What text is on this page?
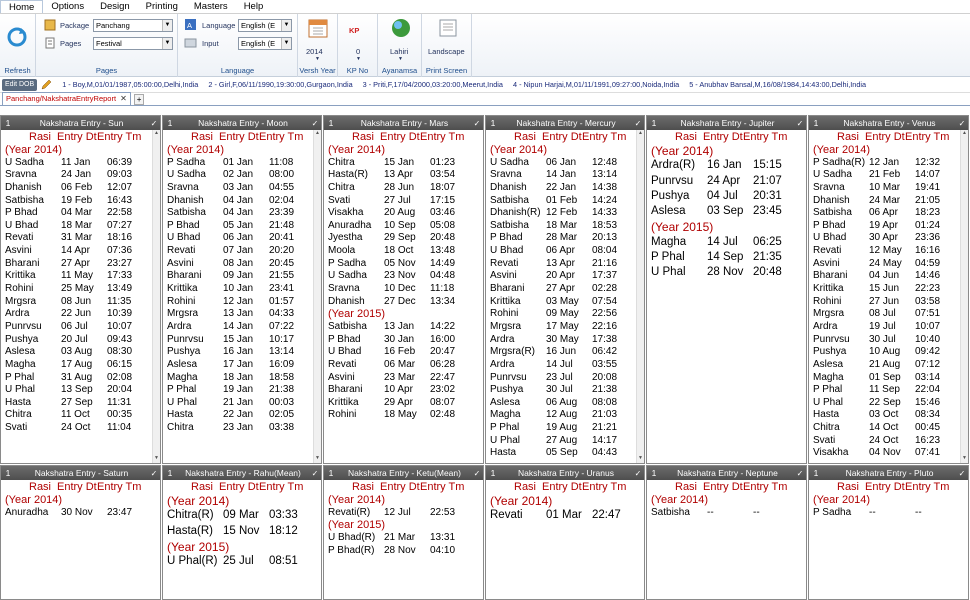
Home	Options	Design	Printing	Masters	Help
Refresh
Package Panchang	▼
Pages	Festival	▼
Pages
A Language English (E	▼
Input	English (E	▼
Language
2014
▼
Versh Year
KP
0
▼
KP No
Lahiri
▼
Ayanamsa
Landscape
Print Screen
Edit DOB	1 - Boy,M,01/01/1987,05:00:00,Delhi,India 2 - Girl,F,06/11/1990,19:30:00,Gurgaon,India 3 - Priti,F,17/04/2000,03:20:00,Meerut,India 4 - Nipun Harjai,M,01/11/1991,09:27:00,Noida,India 5 - Anubhav Bansal,M,16/08/1984,14:43:00,Delhi,India
Panchang/NakshatraEntryReport ✕	+
1	Nakshatra Entry - Sun	✓
Rasi Entry Dt Entry Tm
(Year 2014)
U Sadha 11 Jan 06:39
Sravna 24 Jan 09:03
Dhanish 06 Feb 12:07
Satbisha 19 Feb 16:43
P Bhad 04 Mar 22:58
U Bhad 18 Mar 07:27
Revati	31 Mar 18:16
Asvini	14 Apr 07:36
Bharani 27 Apr 23:27
Krittika	11 May 17:33
Rohini	25 May 13:49
Mrgsra 08 Jun 11:35
Ardra	22 Jun 10:39
Punrvsu 06 Jul 10:07
Pushya 20 Jul 09:43
Aslesa	03 Aug 08:30
Magha	17 Aug 06:15
P Phal	31 Aug 02:08
U Phal	13 Sep 20:04
Hasta	27 Sep 11:31
Chitra	11 Oct 00:35
Svati	24 Oct 11:04
▲
▼
1	Nakshatra Entry - Moon	✓
Rasi Entry Dt Entry Tm
(Year 2014)
P Sadha 01 Jan 11:08
U Sadha 02 Jan 08:00
Sravna 03 Jan 04:55
Dhanish 04 Jan 02:04
Satbisha 04 Jan 23:39
P Bhad 05 Jan 21:48
U Bhad 06 Jan 20:41
Revati	07 Jan 20:20
Asvini	08 Jan 20:45
Bharani 09 Jan 21:55
Krittika	10 Jan 23:41
Rohini	12 Jan 01:57
Mrgsra 13 Jan 04:33
Ardra	14 Jan 07:22
Punrvsu 15 Jan 10:17
Pushya 16 Jan 13:14
Aslesa	17 Jan 16:09
Magha	18 Jan 18:58
P Phal	19 Jan 21:38
U Phal	21 Jan 00:03
Hasta	22 Jan 02:05
Chitra	23 Jan 03:38
▲
▼
1	Nakshatra Entry - Mars	✓
Rasi Entry Dt Entry Tm
(Year 2014)
Chitra	15 Jan 01:23
Hasta(R) 13 Apr 03:54
Chitra	28 Jun 18:07
Svati	27 Jul 17:15
Visakha 20 Aug 03:46
Anuradha 10 Sep 05:08
Jyestha 29 Sep 20:48
Moola	18 Oct 13:48
P Sadha 05 Nov 14:49
U Sadha 23 Nov 04:48
Sravna 10 Dec 11:18
Dhanish 27 Dec 13:34
(Year 2015)
Satbisha 13 Jan 14:22
P Bhad 30 Jan 16:00
U Bhad 16 Feb 20:47
Revati	06 Mar 06:28
Asvini	23 Mar 22:47
Bharani 10 Apr 23:02
Krittika	29 Apr 08:07
Rohini	18 May 02:48
1	Nakshatra Entry - Mercury	✓
Rasi Entry Dt Entry Tm
(Year 2014)
U Sadha 06 Jan 12:48
Sravna 14 Jan 13:14
Dhanish 22 Jan 14:38
Satbisha 01 Feb 14:24
Dhanish(R) 12 Feb 14:33
Satbisha 18 Mar 18:53
P Bhad 28 Mar 20:13
U Bhad 06 Apr 08:04
Revati	13 Apr 21:16
Asvini	20 Apr 17:37
Bharani 27 Apr 02:28
Krittika	03 May 07:54
Rohini	09 May 22:56
Mrgsra 17 May 22:16
Ardra	30 May 17:38
Mrgsra(R) 16 Jun 06:42
Ardra	14 Jul 03:55
Punrvsu 23 Jul 20:08
Pushya 30 Jul 21:38
Aslesa	06 Aug 08:08
Magha	12 Aug 21:03
P Phal	19 Aug 21:21
U Phal	27 Aug 14:17
Hasta	05 Sep 04:43
▲
▼
1	Nakshatra Entry - Jupiter	✓
Rasi Entry Dt Entry Tm
(Year 2014)
Ardra(R) 16 Jan 15:15
Punrvsu 24 Apr 21:07
Pushya 04 Jul 20:31
Aslesa 03 Sep 23:45
(Year 2015)
Magha 14 Jul 06:25
P Phal 14 Sep 21:35
U Phal 28 Nov 20:48
1	Nakshatra Entry - Venus	✓
Rasi Entry Dt Entry Tm
(Year 2014)
P Sadha(R) 12 Jan 12:32
U Sadha 21 Feb 14:07
Sravna 10 Mar 19:41
Dhanish 24 Mar 21:05
Satbisha 06 Apr 18:23
P Bhad 19 Apr 01:24
U Bhad 30 Apr 23:36
Revati	12 May 16:16
Asvini	24 May 04:59
Bharani 04 Jun 14:46
Krittika	15 Jun 22:23
Rohini	27 Jun 03:58
Mrgsra 08 Jul 07:51
Ardra	19 Jul 10:07
Punrvsu 30 Jul 10:40
Pushya 10 Aug 09:42
Aslesa	21 Aug 07:12
Magha	01 Sep 03:14
P Phal	11 Sep 22:04
U Phal	22 Sep 15:46
Hasta	03 Oct 08:34
Chitra	14 Oct 00:45
Svati	24 Oct 16:23
Visakha 04 Nov 07:41
▲
▼
1	Nakshatra Entry - Saturn	✓
Rasi Entry Dt Entry Tm
(Year 2014)
Anuradha 30 Nov 23:47
1	Nakshatra Entry - Rahu(Mean)	✓
Rasi Entry Dt Entry Tm
(Year 2014)
Chitra(R) 09 Mar 03:33
Hasta(R) 15 Nov 18:12
(Year 2015)
U Phal(R) 25 Jul 08:51
1	Nakshatra Entry - Ketu(Mean)	✓
Rasi Entry Dt Entry Tm
(Year 2014)
Revati(R) 12 Jul 22:53
(Year 2015)
U Bhad(R) 21 Mar 13:31
P Bhad(R) 28 Nov 04:10
1	Nakshatra Entry - Uranus	✓
Rasi Entry Dt Entry Tm
(Year 2014)
Revati 01 Mar 22:47
1	Nakshatra Entry - Neptune	✓
Rasi Entry Dt Entry Tm
(Year 2014)
Satbisha --	--
1	Nakshatra Entry - Pluto	✓
Rasi Entry Dt Entry Tm
(Year 2014)
P Sadha --	--
